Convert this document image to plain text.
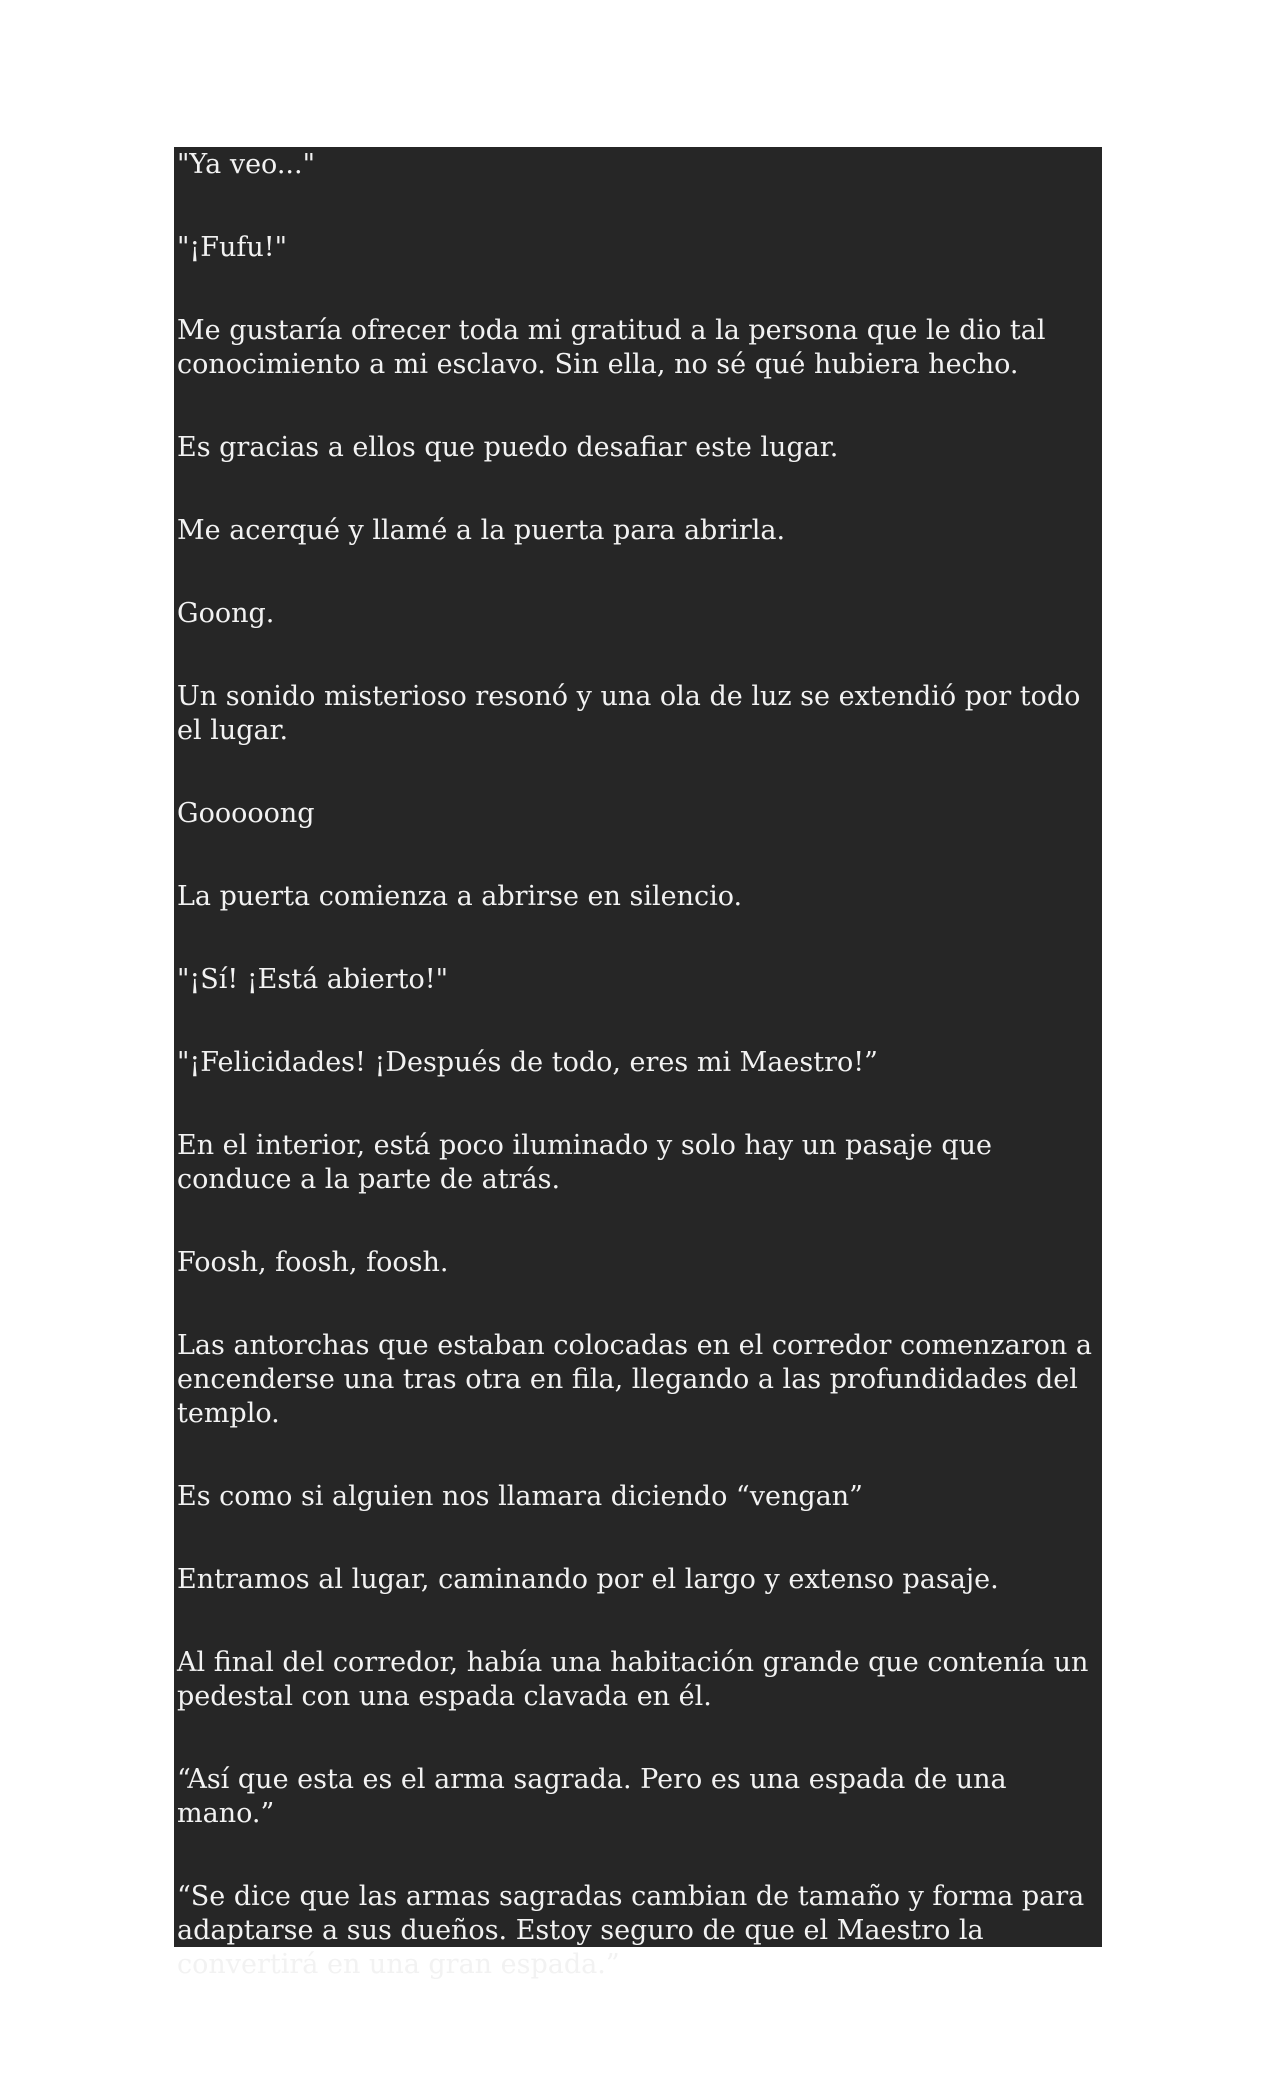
"Ya veo..."

"¡Fufu!"

Me gustaría ofrecer toda mi gratitud a la persona que le dio tal conocimiento a mi esclavo. Sin ella, no sé qué hubiera hecho.

Es gracias a ellos que puedo desafiar este lugar.

Me acerqué y llamé a la puerta para abrirla.

Goong.

Un sonido misterioso resonó y una ola de luz se extendió por todo el lugar.

Gooooong

La puerta comienza a abrirse en silencio.

"¡Sí! ¡Está abierto!"

"¡Felicidades! ¡Después de todo, eres mi Maestro!”

En el interior, está poco iluminado y solo hay un pasaje que conduce a la parte de atrás.

Foosh, foosh, foosh.

Las antorchas que estaban colocadas en el corredor comenzaron a encenderse una tras otra en fila, llegando a las profundidades del templo.

Es como si alguien nos llamara diciendo “vengan”

Entramos al lugar, caminando por el largo y extenso pasaje.

Al final del corredor, había una habitación grande que contenía un pedestal con una espada clavada en él.

“Así que esta es el arma sagrada. Pero es una espada de una mano.”

“Se dice que las armas sagradas cambian de tamaño y forma para adaptarse a sus dueños. Estoy seguro de que el Maestro la convertirá en una gran espada.”
